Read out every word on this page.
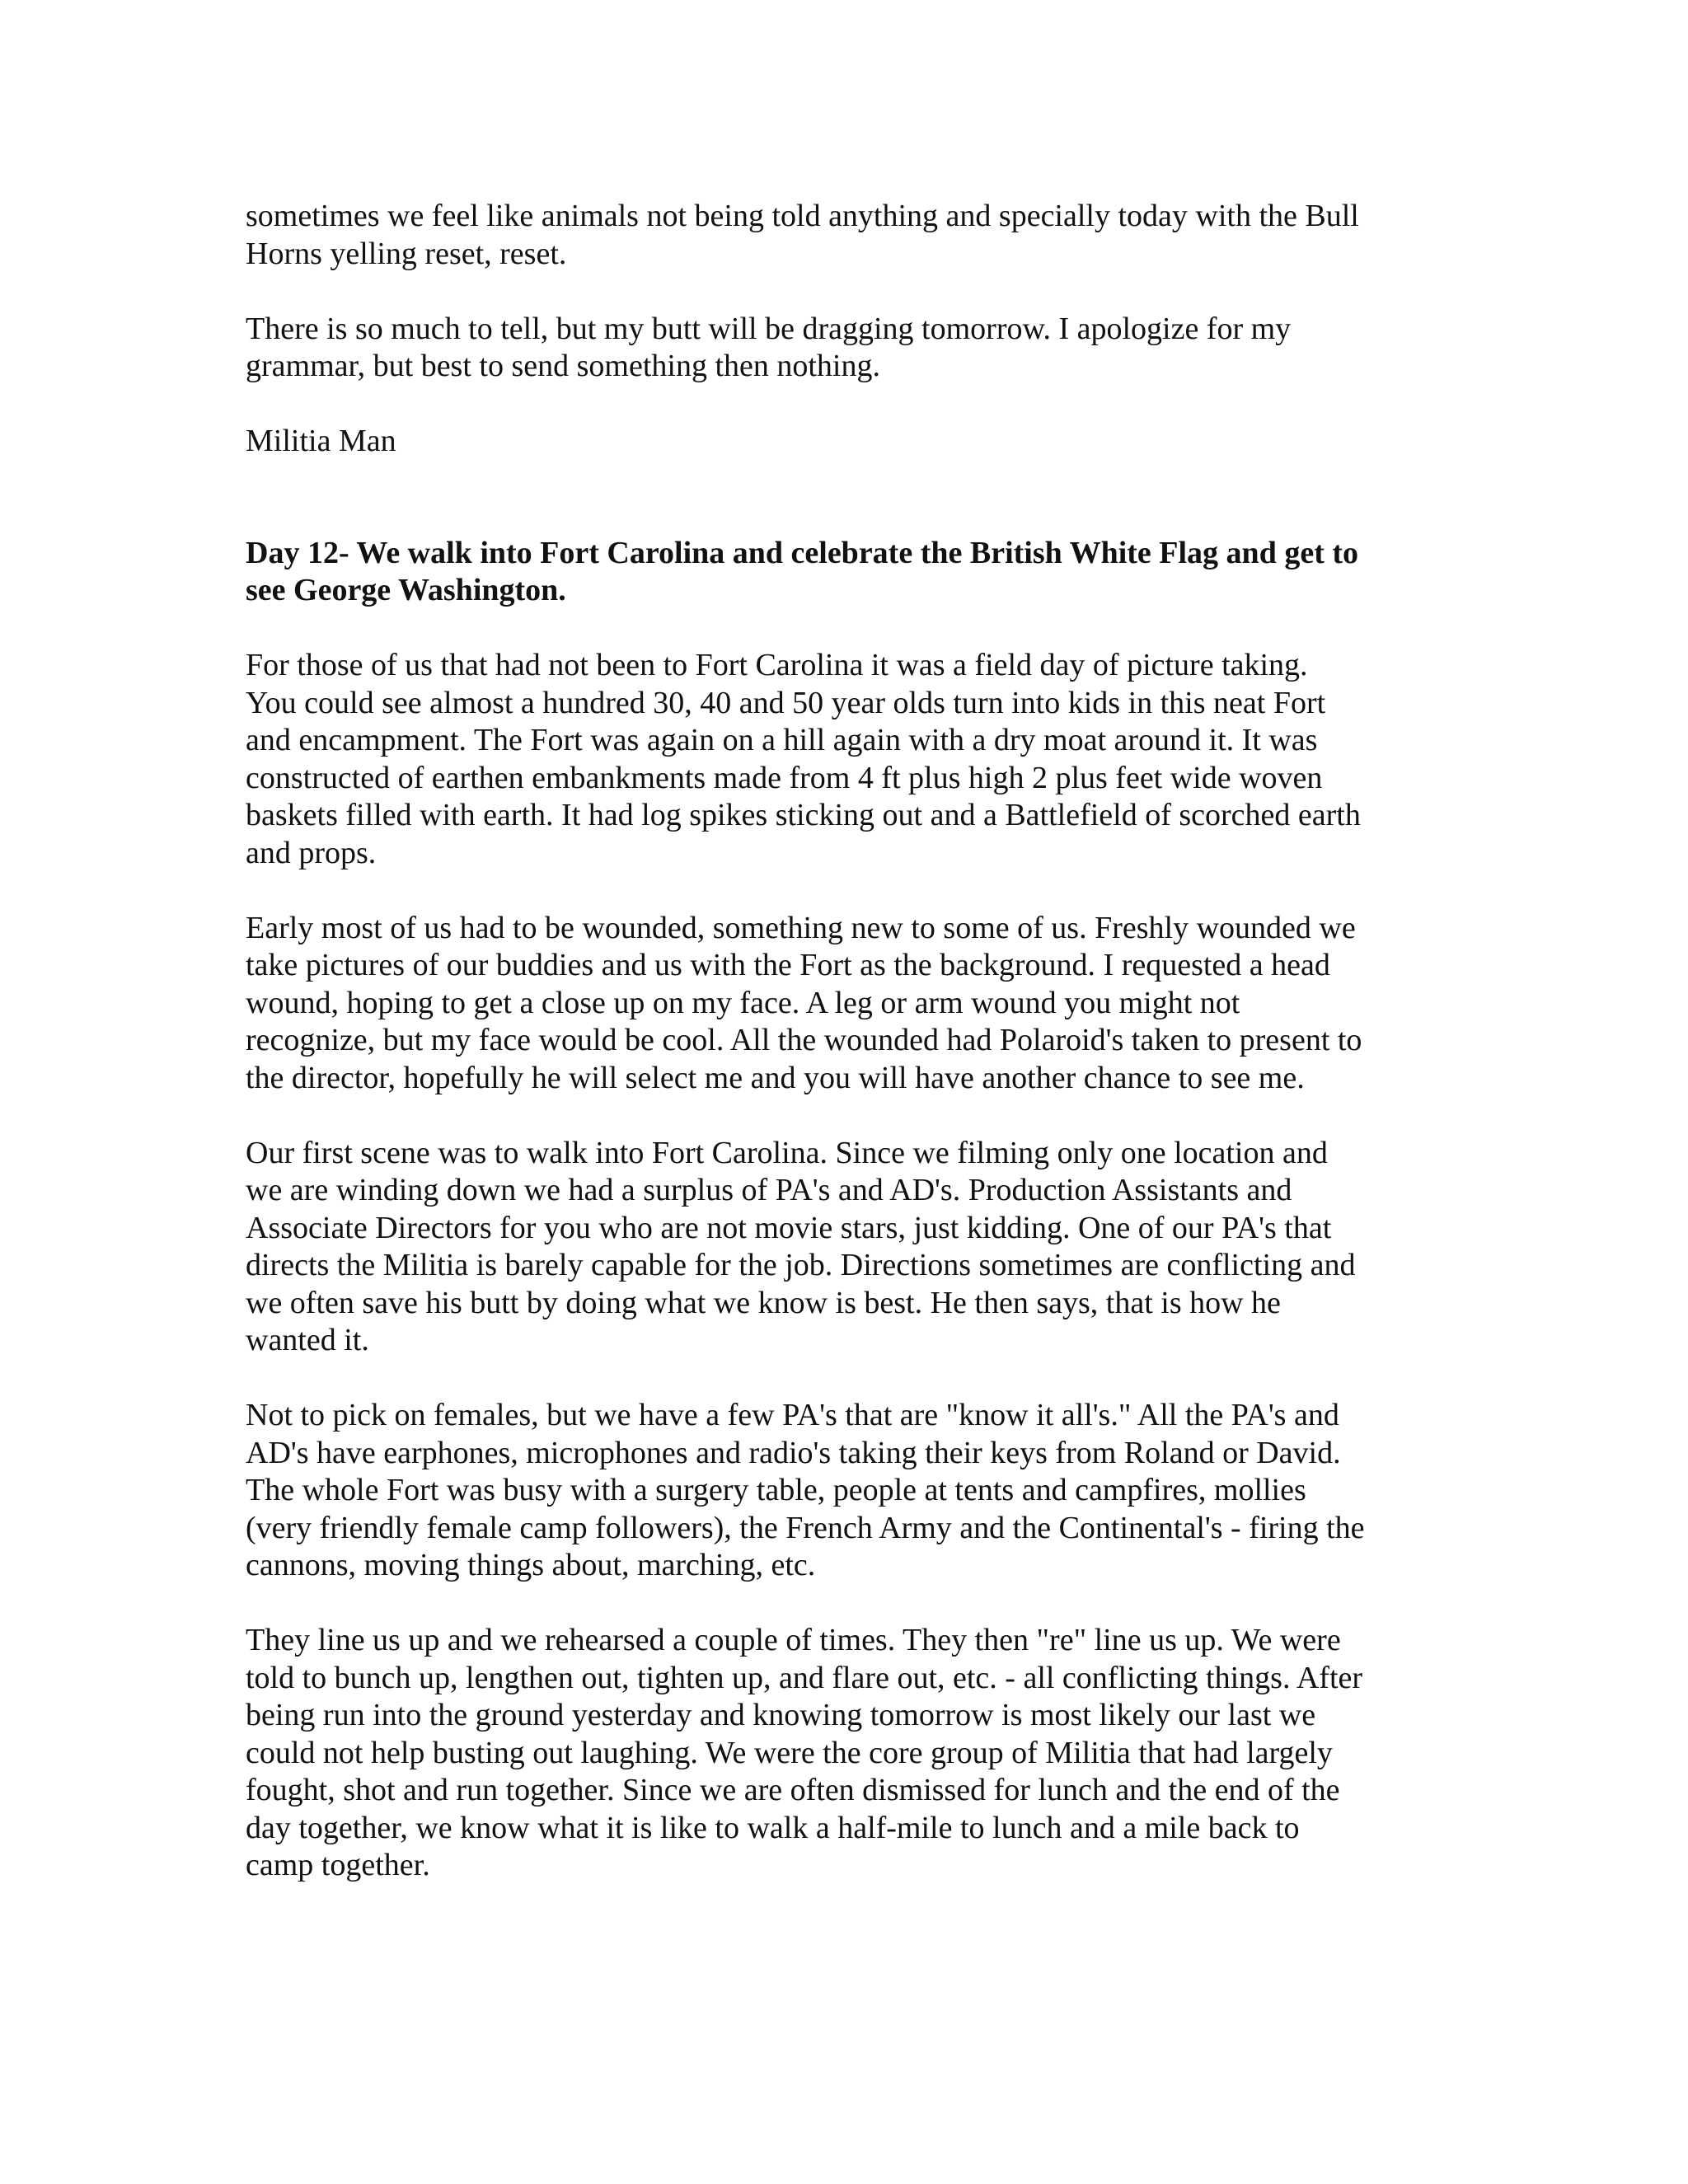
sometimes we feel like animals not being told anything and specially today with the Bull
Horns yelling reset, reset.

There is so much to tell, but my butt will be dragging tomorrow. I apologize for my
grammar, but best to send something then nothing.

Militia Man

Day 12- We walk into Fort Carolina and celebrate the British White Flag and get to
see George Washington.

For those of us that had not been to Fort Carolina it was a field day of picture taking.
You could see almost a hundred 30, 40 and 50 year olds turn into kids in this neat Fort
and encampment. The Fort was again on a hill again with a dry moat around it. It was
constructed of earthen embankments made from 4 ft plus high 2 plus feet wide woven
baskets filled with earth. It had log spikes sticking out and a Battlefield of scorched earth
and props.

Early most of us had to be wounded, something new to some of us. Freshly wounded we
take pictures of our buddies and us with the Fort as the background. I requested a head
wound, hoping to get a close up on my face. A leg or arm wound you might not
recognize, but my face would be cool. All the wounded had Polaroid's taken to present to
the director, hopefully he will select me and you will have another chance to see me.

Our first scene was to walk into Fort Carolina. Since we filming only one location and
we are winding down we had a surplus of PA's and AD's. Production Assistants and
Associate Directors for you who are not movie stars, just kidding. One of our PA's that
directs the Militia is barely capable for the job. Directions sometimes are conflicting and
we often save his butt by doing what we know is best. He then says, that is how he
wanted it.

Not to pick on females, but we have a few PA's that are "know it all's." All the PA's and
AD's have earphones, microphones and radio's taking their keys from Roland or David.
The whole Fort was busy with a surgery table, people at tents and campfires, mollies
(very friendly female camp followers), the French Army and the Continental's - firing the
cannons, moving things about, marching, etc.

They line us up and we rehearsed a couple of times. They then "re" line us up. We were
told to bunch up, lengthen out, tighten up, and flare out, etc. - all conflicting things. After
being run into the ground yesterday and knowing tomorrow is most likely our last we
could not help busting out laughing. We were the core group of Militia that had largely
fought, shot and run together. Since we are often dismissed for lunch and the end of the
day together, we know what it is like to walk a half-mile to lunch and a mile back to
camp together.
